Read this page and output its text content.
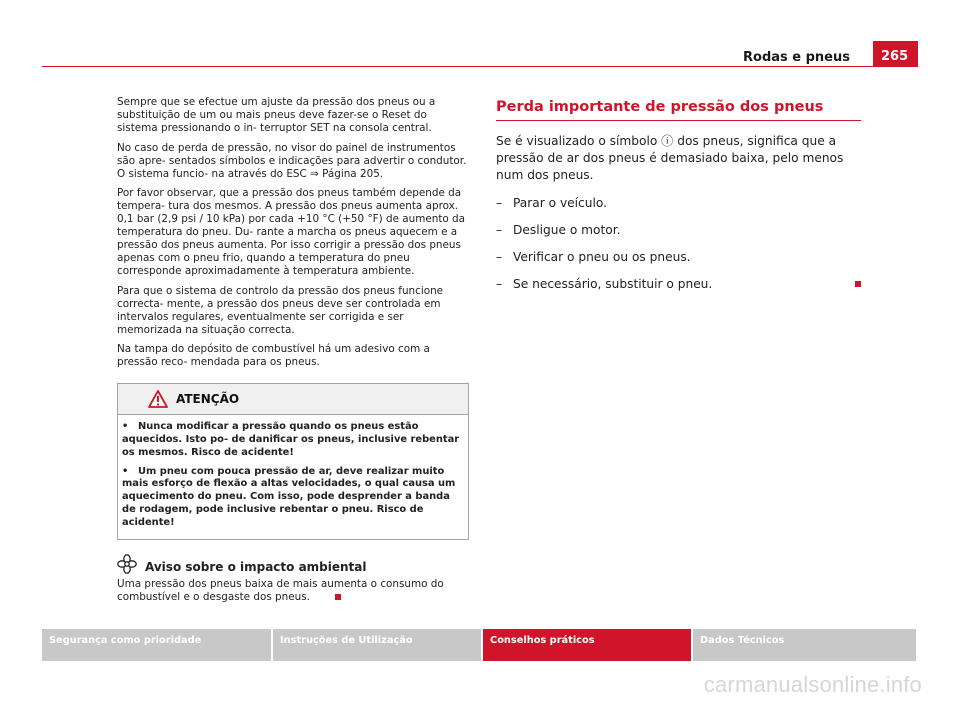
Rodas e pneus	265

Sempre que se efectue um ajuste da pressão dos pneus ou a substituição de um ou mais pneus deve fazer-se o Reset do sistema pressionando o in- terruptor SET na consola central.

No caso de perda de pressão, no visor do painel de instrumentos são apre- sentados símbolos e indicações para advertir o condutor. O sistema funcio- na através do ESC ⇒ Página 205.

Por favor observar, que a pressão dos pneus também depende da tempera- tura dos mesmos. A pressão dos pneus aumenta aprox. 0,1 bar (2,9 psi / 10 kPa) por cada +10 °C (+50 °F) de aumento da temperatura do pneu. Du- rante a marcha os pneus aquecem e a pressão dos pneus aumenta. Por isso corrigir a pressão dos pneus apenas com o pneu frio, quando a temperatura do pneu corresponde aproximadamente à temperatura ambiente.

Para que o sistema de controlo da pressão dos pneus funcione correcta- mente, a pressão dos pneus deve ser controlada em intervalos regulares, eventualmente ser corrigida e ser memorizada na situação correcta.

Na tampa do depósito de combustível há um adesivo com a pressão reco- mendada para os pneus.

ATENÇÃO
• Nunca modificar a pressão quando os pneus estão aquecidos. Isto po- de danificar os pneus, inclusive rebentar os mesmos. Risco de acidente!
• Um pneu com pouca pressão de ar, deve realizar muito mais esforço de flexão a altas velocidades, o qual causa um aquecimento do pneu. Com isso, pode desprender a banda de rodagem, pode inclusive rebentar o pneu. Risco de acidente!
Aviso sobre o impacto ambiental
Uma pressão dos pneus baixa de mais aumenta o consumo do combustível e o desgaste dos pneus.
Perda importante de pressão dos pneus
Se é visualizado o símbolo ⓘ dos pneus, significa que a pressão de ar dos pneus é demasiado baixa, pelo menos num dos pneus.
– Parar o veículo.
– Desligue o motor.
– Verificar o pneu ou os pneus.
– Se necessário, substituir o pneu.
Segurança como prioridade	Instruções de Utilização	Conselhos práticos	Dados Técnicos
carmanualsonline.info
